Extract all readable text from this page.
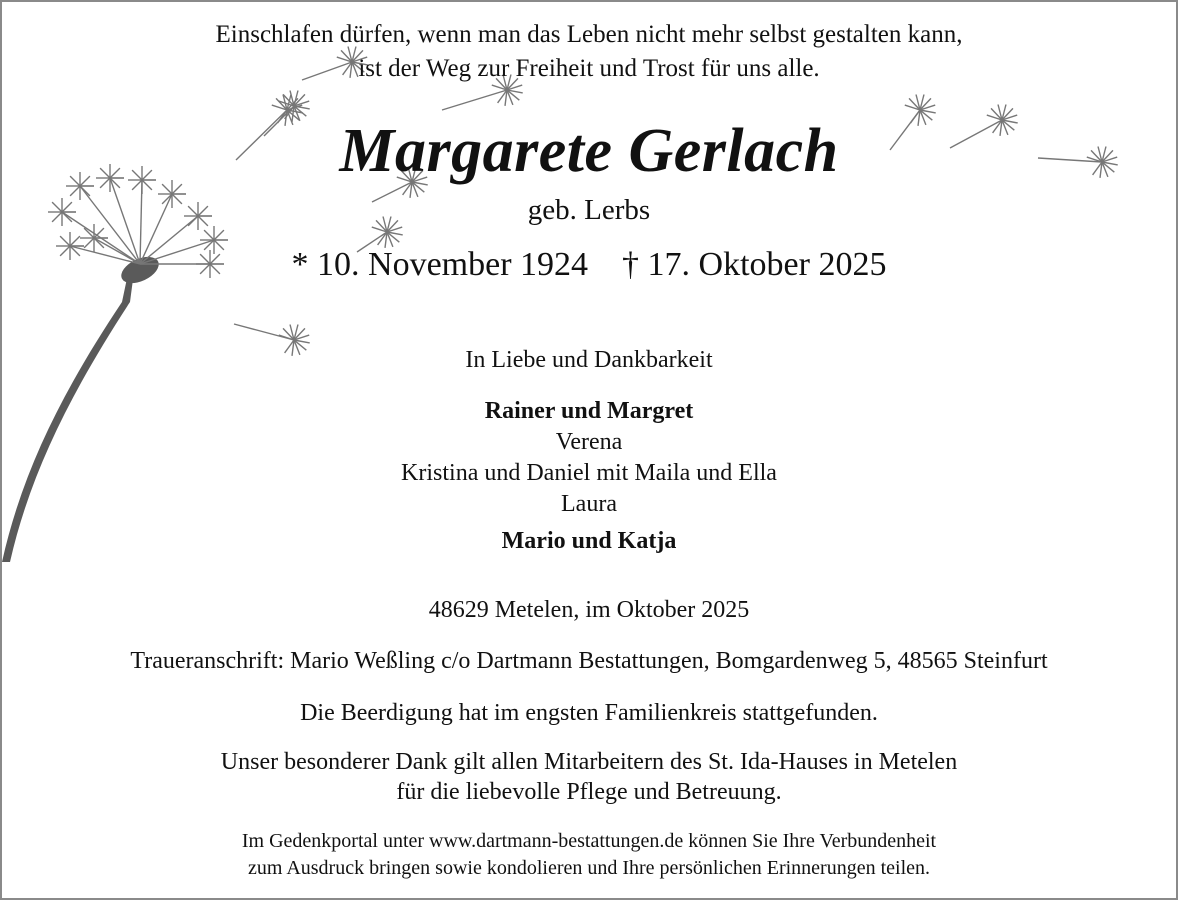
Einschlafen dürfen, wenn man das Leben nicht mehr selbst gestalten kann,
ist der Weg zur Freiheit und Trost für uns alle.
Margarete Gerlach
geb. Lerbs
* 10. November 1924 † 17. Oktober 2025
In Liebe und Dankbarkeit
Rainer und Margret
Verena
Kristina und Daniel mit Maila und Ella
Laura
Mario und Katja
48629 Metelen, im Oktober 2025
Traueranschrift: Mario Weßling c/o Dartmann Bestattungen, Bomgardenweg 5, 48565 Steinfurt
Die Beerdigung hat im engsten Familienkreis stattgefunden.
Unser besonderer Dank gilt allen Mitarbeitern des St. Ida-Hauses in Metelen
für die liebevolle Pflege und Betreuung.
Im Gedenkportal unter www.dartmann-bestattungen.de können Sie Ihre Verbundenheit
zum Ausdruck bringen sowie kondolieren und Ihre persönlichen Erinnerungen teilen.
